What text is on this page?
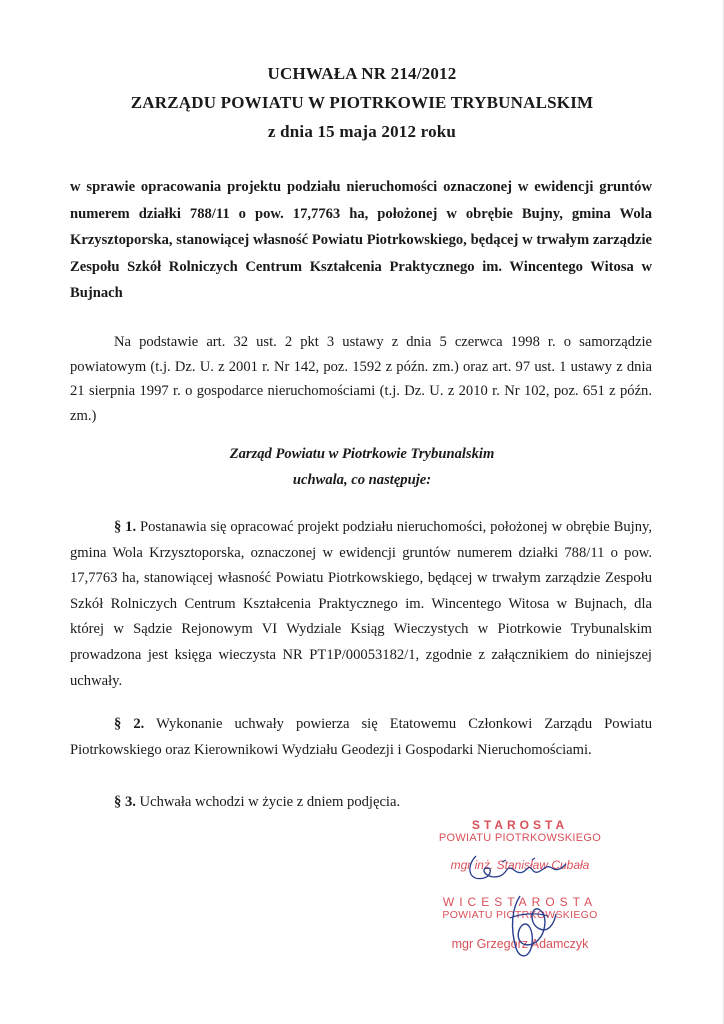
UCHWAŁA NR 214/2012
ZARZĄDU POWIATU W PIOTRKOWIE TRYBUNALSKIM
z dnia 15 maja 2012 roku
w sprawie opracowania projektu podziału nieruchomości oznaczonej w ewidencji gruntów numerem działki 788/11 o pow. 17,7763 ha, położonej w obrębie Bujny, gmina Wola Krzysztoporska, stanowiącej własność Powiatu Piotrkowskiego, będącej w trwałym zarządzie Zespołu Szkół Rolniczych Centrum Kształcenia Praktycznego im. Wincentego Witosa w Bujnach
Na podstawie art. 32 ust. 2 pkt 3 ustawy z dnia 5 czerwca 1998 r. o samorządzie powiatowym (t.j. Dz. U. z 2001 r. Nr 142, poz. 1592 z późn. zm.) oraz art. 97 ust. 1 ustawy z dnia 21 sierpnia 1997 r. o gospodarce nieruchomościami (t.j. Dz. U. z 2010 r. Nr 102, poz. 651 z późn. zm.)
Zarząd Powiatu w Piotrkowie Trybunalskim
uchwala, co następuje:
§ 1. Postanawia się opracować projekt podziału nieruchomości, położonej w obrębie Bujny, gmina Wola Krzysztoporska, oznaczonej w ewidencji gruntów numerem działki 788/11 o pow. 17,7763 ha, stanowiącej własność Powiatu Piotrkowskiego, będącej w trwałym zarządzie Zespołu Szkół Rolniczych Centrum Kształcenia Praktycznego im. Wincentego Witosa w Bujnach, dla której w Sądzie Rejonowym VI Wydziale Ksiąg Wieczystych w Piotrkowie Trybunalskim prowadzona jest księga wieczysta NR PT1P/00053182/1, zgodnie z załącznikiem do niniejszej uchwały.
§ 2. Wykonanie uchwały powierza się Etatowemu Członkowi Zarządu Powiatu Piotrkowskiego oraz Kierownikowi Wydziału Geodezji i Gospodarki Nieruchomościami.
§ 3. Uchwała wchodzi w życie z dniem podjęcia.
STAROSTA
POWIATU PIOTRKOWSKIEGO
mgr inż. Stanisław Cubała
WICESTAROSTA
POWIATU PIOTRKOWSKIEGO
mgr Grzegorz Adamczyk
